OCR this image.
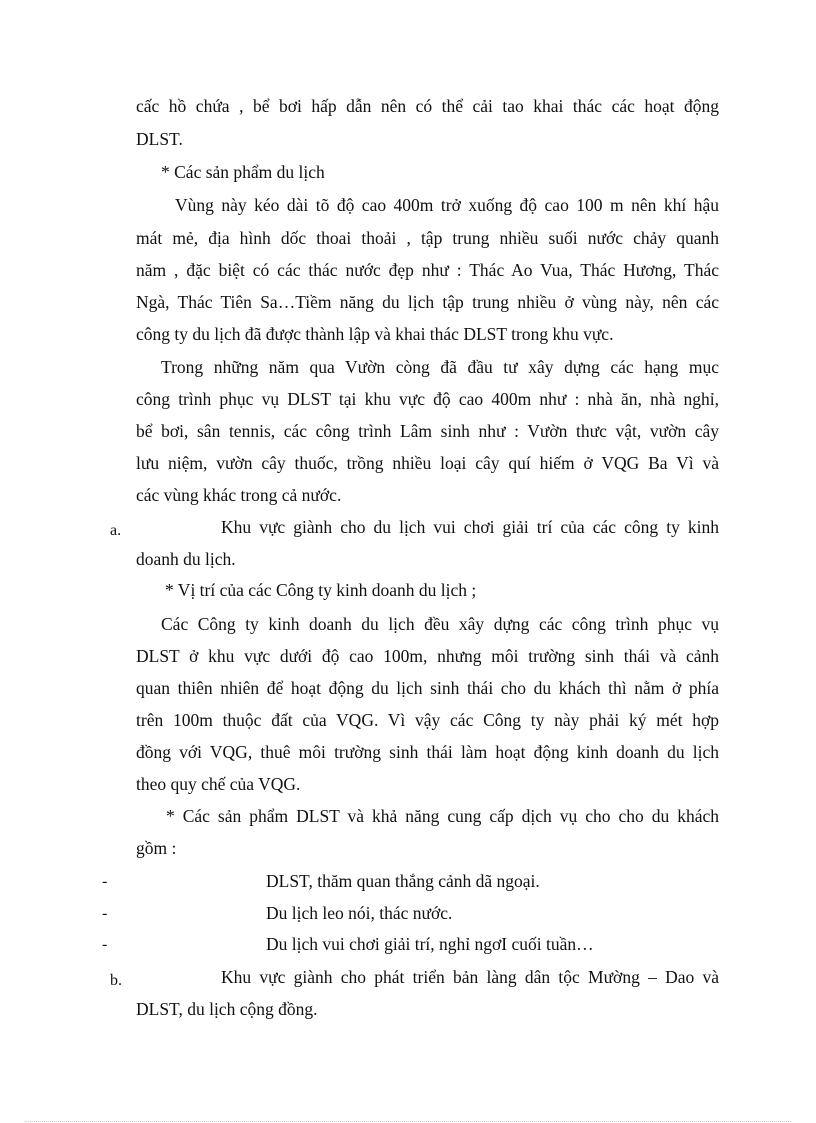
cấc hồ chứa , bể bơi hấp dẫn nên có thể cải tao khai thác các hoạt động
DLST.
* Các sản phẩm du lịch
Vùng này kéo dài tõ độ cao 400m trở xuống độ cao 100 m nên khí hậu
mát mẻ, địa hình dốc thoai thoải , tập trung nhiều suối nước chảy quanh
năm , đặc biệt có các thác nước đẹp như : Thác Ao Vua, Thác Hương, Thác
Ngà, Thác Tiên Sa…Tiềm năng du lịch tập trung nhiều ở vùng này, nên các
công ty du lịch đã được thành lập và khai thác DLST trong khu vực.
Trong những năm qua Vườn còng đã đầu tư xây dựng các hạng mục
công trình phục vụ DLST tại khu vực độ cao 400m như : nhà ăn, nhà nghỉ,
bể bơi, sân tennis, các công trình Lâm sinh như : Vườn thưc vật, vườn cây
lưu niệm, vườn cây thuốc, trồng nhiều loại cây quí hiếm ở VQG Ba Vì và
các vùng khác trong cả nước.
a.	Khu vực giành cho du lịch vui chơi giải trí của các công ty kinh
doanh du lịch.
* Vị trí của các Công ty kinh doanh du lịch ;
Các Công ty kinh doanh du lịch đều xây dựng các công trình phục vụ
DLST ở khu vực dưới độ cao 100m, nhưng môi trường sinh thái và cảnh
quan thiên nhiên để hoạt động du lịch sinh thái cho du khách thì nằm ở phía
trên 100m thuộc đất của VQG. Vì vậy các Công ty này phải ký mét hợp
đồng với VQG, thuê môi trường sinh thái làm hoạt động kinh doanh du lịch
theo quy chế của VQG.
* Các sản phẩm DLST và khả năng cung cấp dịch vụ cho cho du khách
gồm :
-	DLST, thăm quan thắng cảnh dã ngoại.
-	Du lịch leo nói, thác nước.
-	Du lịch vui chơi giải trí, nghỉ ngơI cuối tuần…
b.	Khu vực giành cho phát triển bản làng dân tộc Mường – Dao và
DLST, du lịch cộng đồng.
